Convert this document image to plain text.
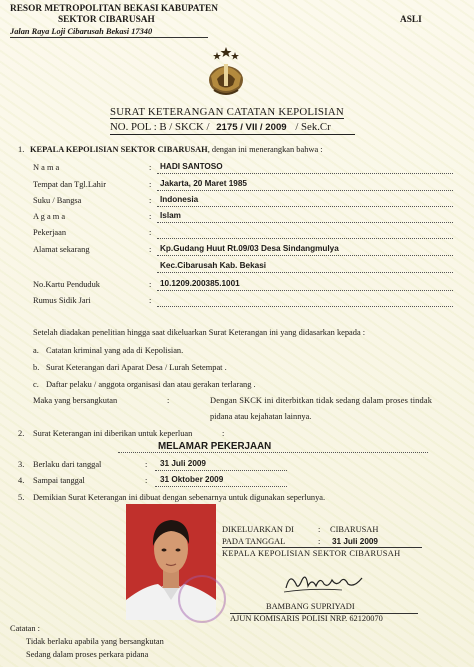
RESOR METROPOLITAN BEKASI KABUPATEN
SEKTOR CIBARUSAH
Jalan Raya Loji Cibarusah Bekasi 17340
ASLI
SURAT KETERANGAN CATATAN KEPOLISIAN
NO. POL : B / SKCK / 2175 / VII / 2009 / Sek.Cr
1. KEPALA KEPOLISIAN SEKTOR CIBARUSAH, dengan ini menerangkan bahwa :
N a m a	: HADI SANTOSO
Tempat dan Tgl.Lahir	: Jakarta, 20 Maret 1985
Suku / Bangsa	: Indonesia
A g a m a	: Islam
Pekerjaan	:
Alamat sekarang	: Kp.Gudang Huut Rt.09/03 Desa Sindangmulya
Kec.Cibarusah Kab. Bekasi
No.Kartu Penduduk	: 10.1209.200385.1001
Rumus Sidik Jari	:
Setelah diadakan penelitian hingga saat dikeluarkan Surat Keterangan ini yang didasarkan kepada :
a. Catatan kriminal yang ada di Kepolisian.
b. Surat Keterangan dari Aparat Desa / Lurah Setempat .
c. Daftar pelaku / anggota organisasi dan atau gerakan terlarang .
Maka yang bersangkutan	:	Dengan SKCK ini diterbitkan tidak sedang dalam proses tindak
pidana atau kejahatan lainnya.
2. Surat Keterangan ini diberikan untuk keperluan	:
MELAMAR PEKERJAAN
3. Berlaku dari tanggal	: 31 Juli 2009
4. Sampai tanggal	: 31 Oktober 2009
5. Demikian Surat Keterangan ini dibuat dengan sebenarnya untuk digunakan seperlunya.
DIKELUARKAN DI	: CIBARUSAH
PADA TANGGAL	: 31 Juli 2009
KEPALA KEPOLISIAN SEKTOR CIBARUSAH
BAMBANG SUPRIYADI
AJUN KOMISARIS POLISI NRP. 62120070
Catatan :
Tidak berlaku apabila yang bersangkutan
Sedang dalam proses perkara pidana
